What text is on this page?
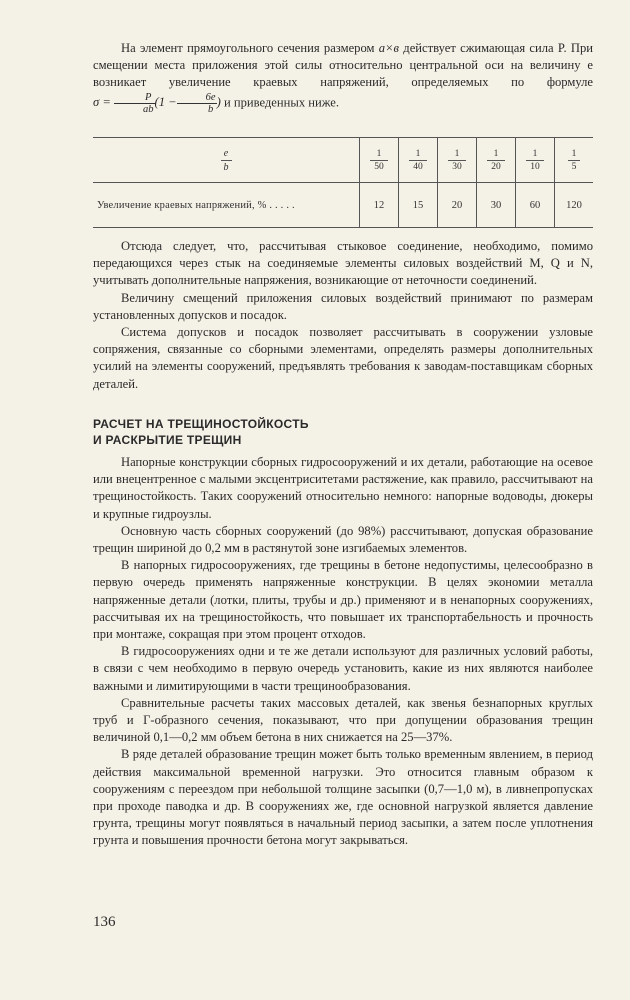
На элемент прямоугольного сечения размером a×в действует сжимающая сила P. При смещении места приложения этой силы относительно центральной оси на величину e возникает увеличение краевых напряжений, определяемых по формуле $\sigma = \frac{P}{ab} (1 - \frac{6e}{b}$ ) и приведенных ниже.

$\frac{e}{b}$	$\frac{1}{50}$	$\frac{1}{40}$	$\frac{1}{30}$	$\frac{1}{20}$	$\frac{1}{10}$	$\frac{1}{5}$

Увеличение краевых напряжений, % . . . . .	12	15	20	30	60	120

Отсюда следует, что, рассчитывая стыковое соединение, необходимо, помимо передающихся через стык на соединяемые элементы силовых воздействий M, Q и N, учитывать дополнительные напряжения, возникающие от неточности соединений.

Величину смещений приложения силовых воздействий принимают по размерам установленных допусков и посадок.

Система допусков и посадок позволяет рассчитывать в сооружении узловые сопряжения, связанные со сборными элементами, определять размеры дополнительных усилий на элементы сооружений, предъявлять требования к заводам-поставщикам сборных деталей.

РАСЧЕТ НА ТРЕЩИНОСТОЙКОСТЬ
И РАСКРЫТИЕ ТРЕЩИН

Напорные конструкции сборных гидросооружений и их детали, работающие на осевое или внецентренное с малыми эксцентриситетами растяжение, как правило, рассчитывают на трещиностойкость. Таких сооружений относительно немного: напорные водоводы, дюкеры и крупные гидроузлы.

Основную часть сборных сооружений (до 98%) рассчитывают, допуская образование трещин шириной до 0,2 мм в растянутой зоне изгибаемых элементов.

В напорных гидросооружениях, где трещины в бетоне недопустимы, целесообразно в первую очередь применять напряженные конструкции. В целях экономии металла напряженные детали (лотки, плиты, трубы и др.) применяют и в ненапорных сооружениях, рассчитывая их на трещиностойкость, что повышает их транспортабельность и прочность при монтаже, сокращая при этом процент отходов.

В гидросооружениях одни и те же детали используют для различных условий работы, в связи с чем необходимо в первую очередь установить, какие из них являются наиболее важными и лимитирующими в части трещинообразования.

Сравнительные расчеты таких массовых деталей, как звенья безнапорных круглых труб и Г-образного сечения, показывают, что при допущении образования трещин величиной 0,1—0,2 мм объем бетона в них снижается на 25—37%.

В ряде деталей образование трещин может быть только временным явлением, в период действия максимальной временной нагрузки. Это относится главным образом к сооружениям с переездом при небольшой толщине засыпки (0,7—1,0 м), в ливнепропусках при проходе паводка и др. В сооружениях же, где основной нагрузкой является давление грунта, трещины могут появляться в начальный период засыпки, а затем после уплотнения грунта и повышения прочности бетона могут закрываться.

136
